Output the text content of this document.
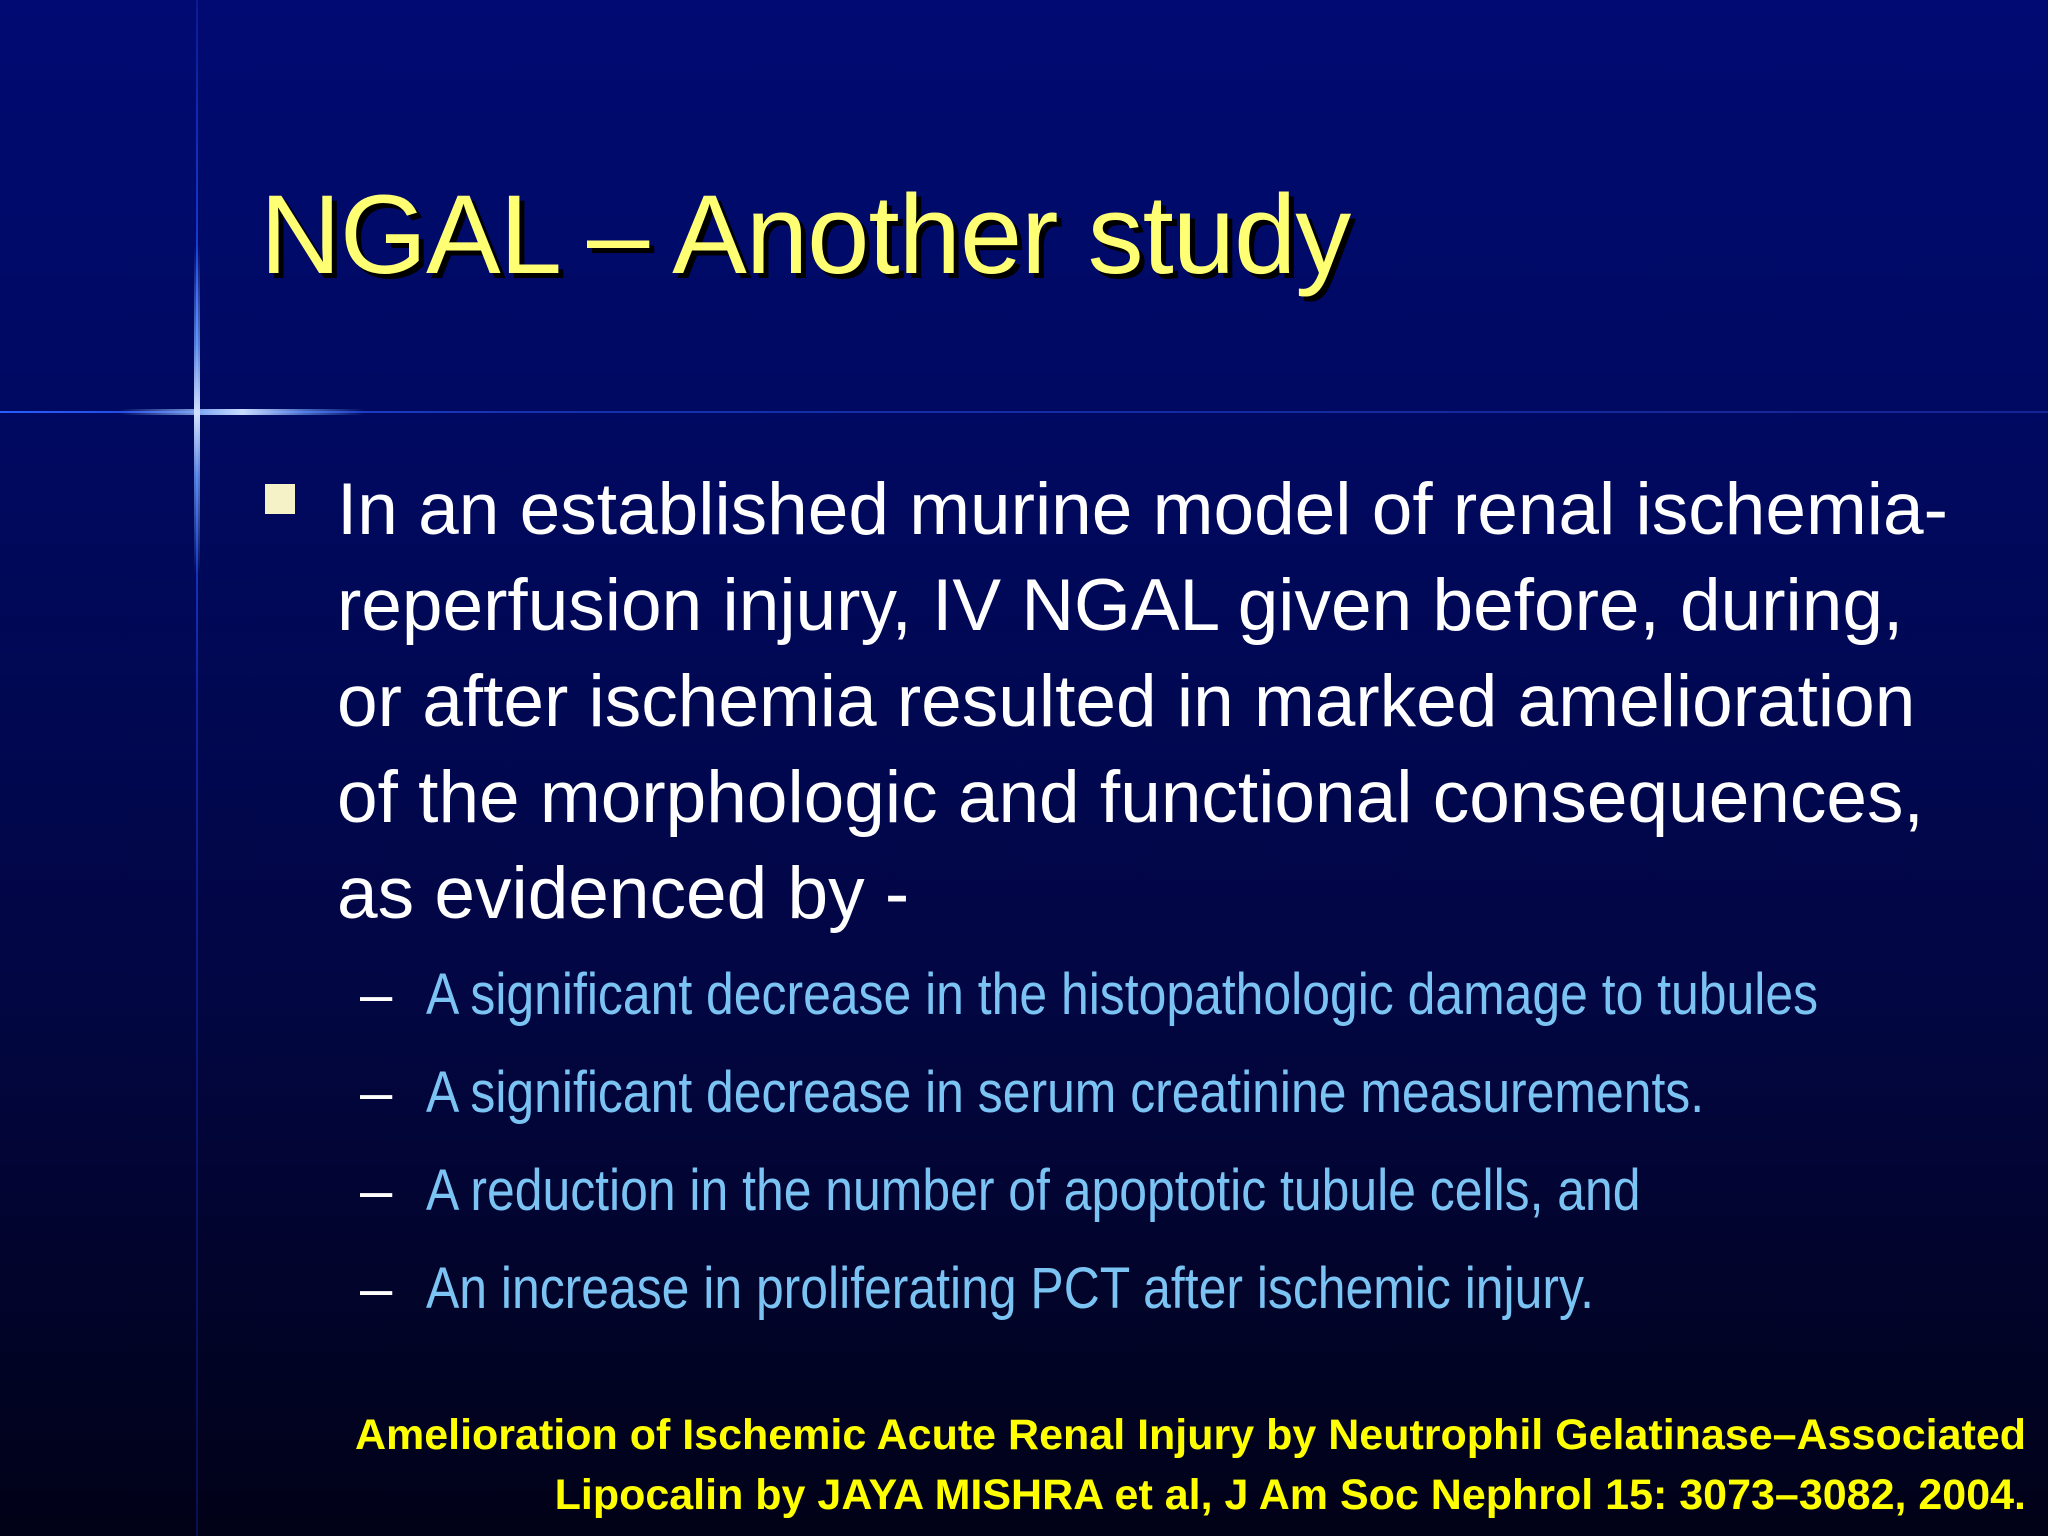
NGAL – Another study

In an established murine model of renal ischemia-reperfusion injury, IV NGAL given before, during, or after ischemia resulted in marked amelioration of the morphologic and functional consequences, as evidenced by -

– A significant decrease in the histopathologic damage to tubules
– A significant decrease in serum creatinine measurements.
– A reduction in the number of apoptotic tubule cells, and
– An increase in proliferating PCT after ischemic injury.

Amelioration of Ischemic Acute Renal Injury by Neutrophil Gelatinase–Associated
Lipocalin by JAYA MISHRA et al, J Am Soc Nephrol 15: 3073–3082, 2004.
